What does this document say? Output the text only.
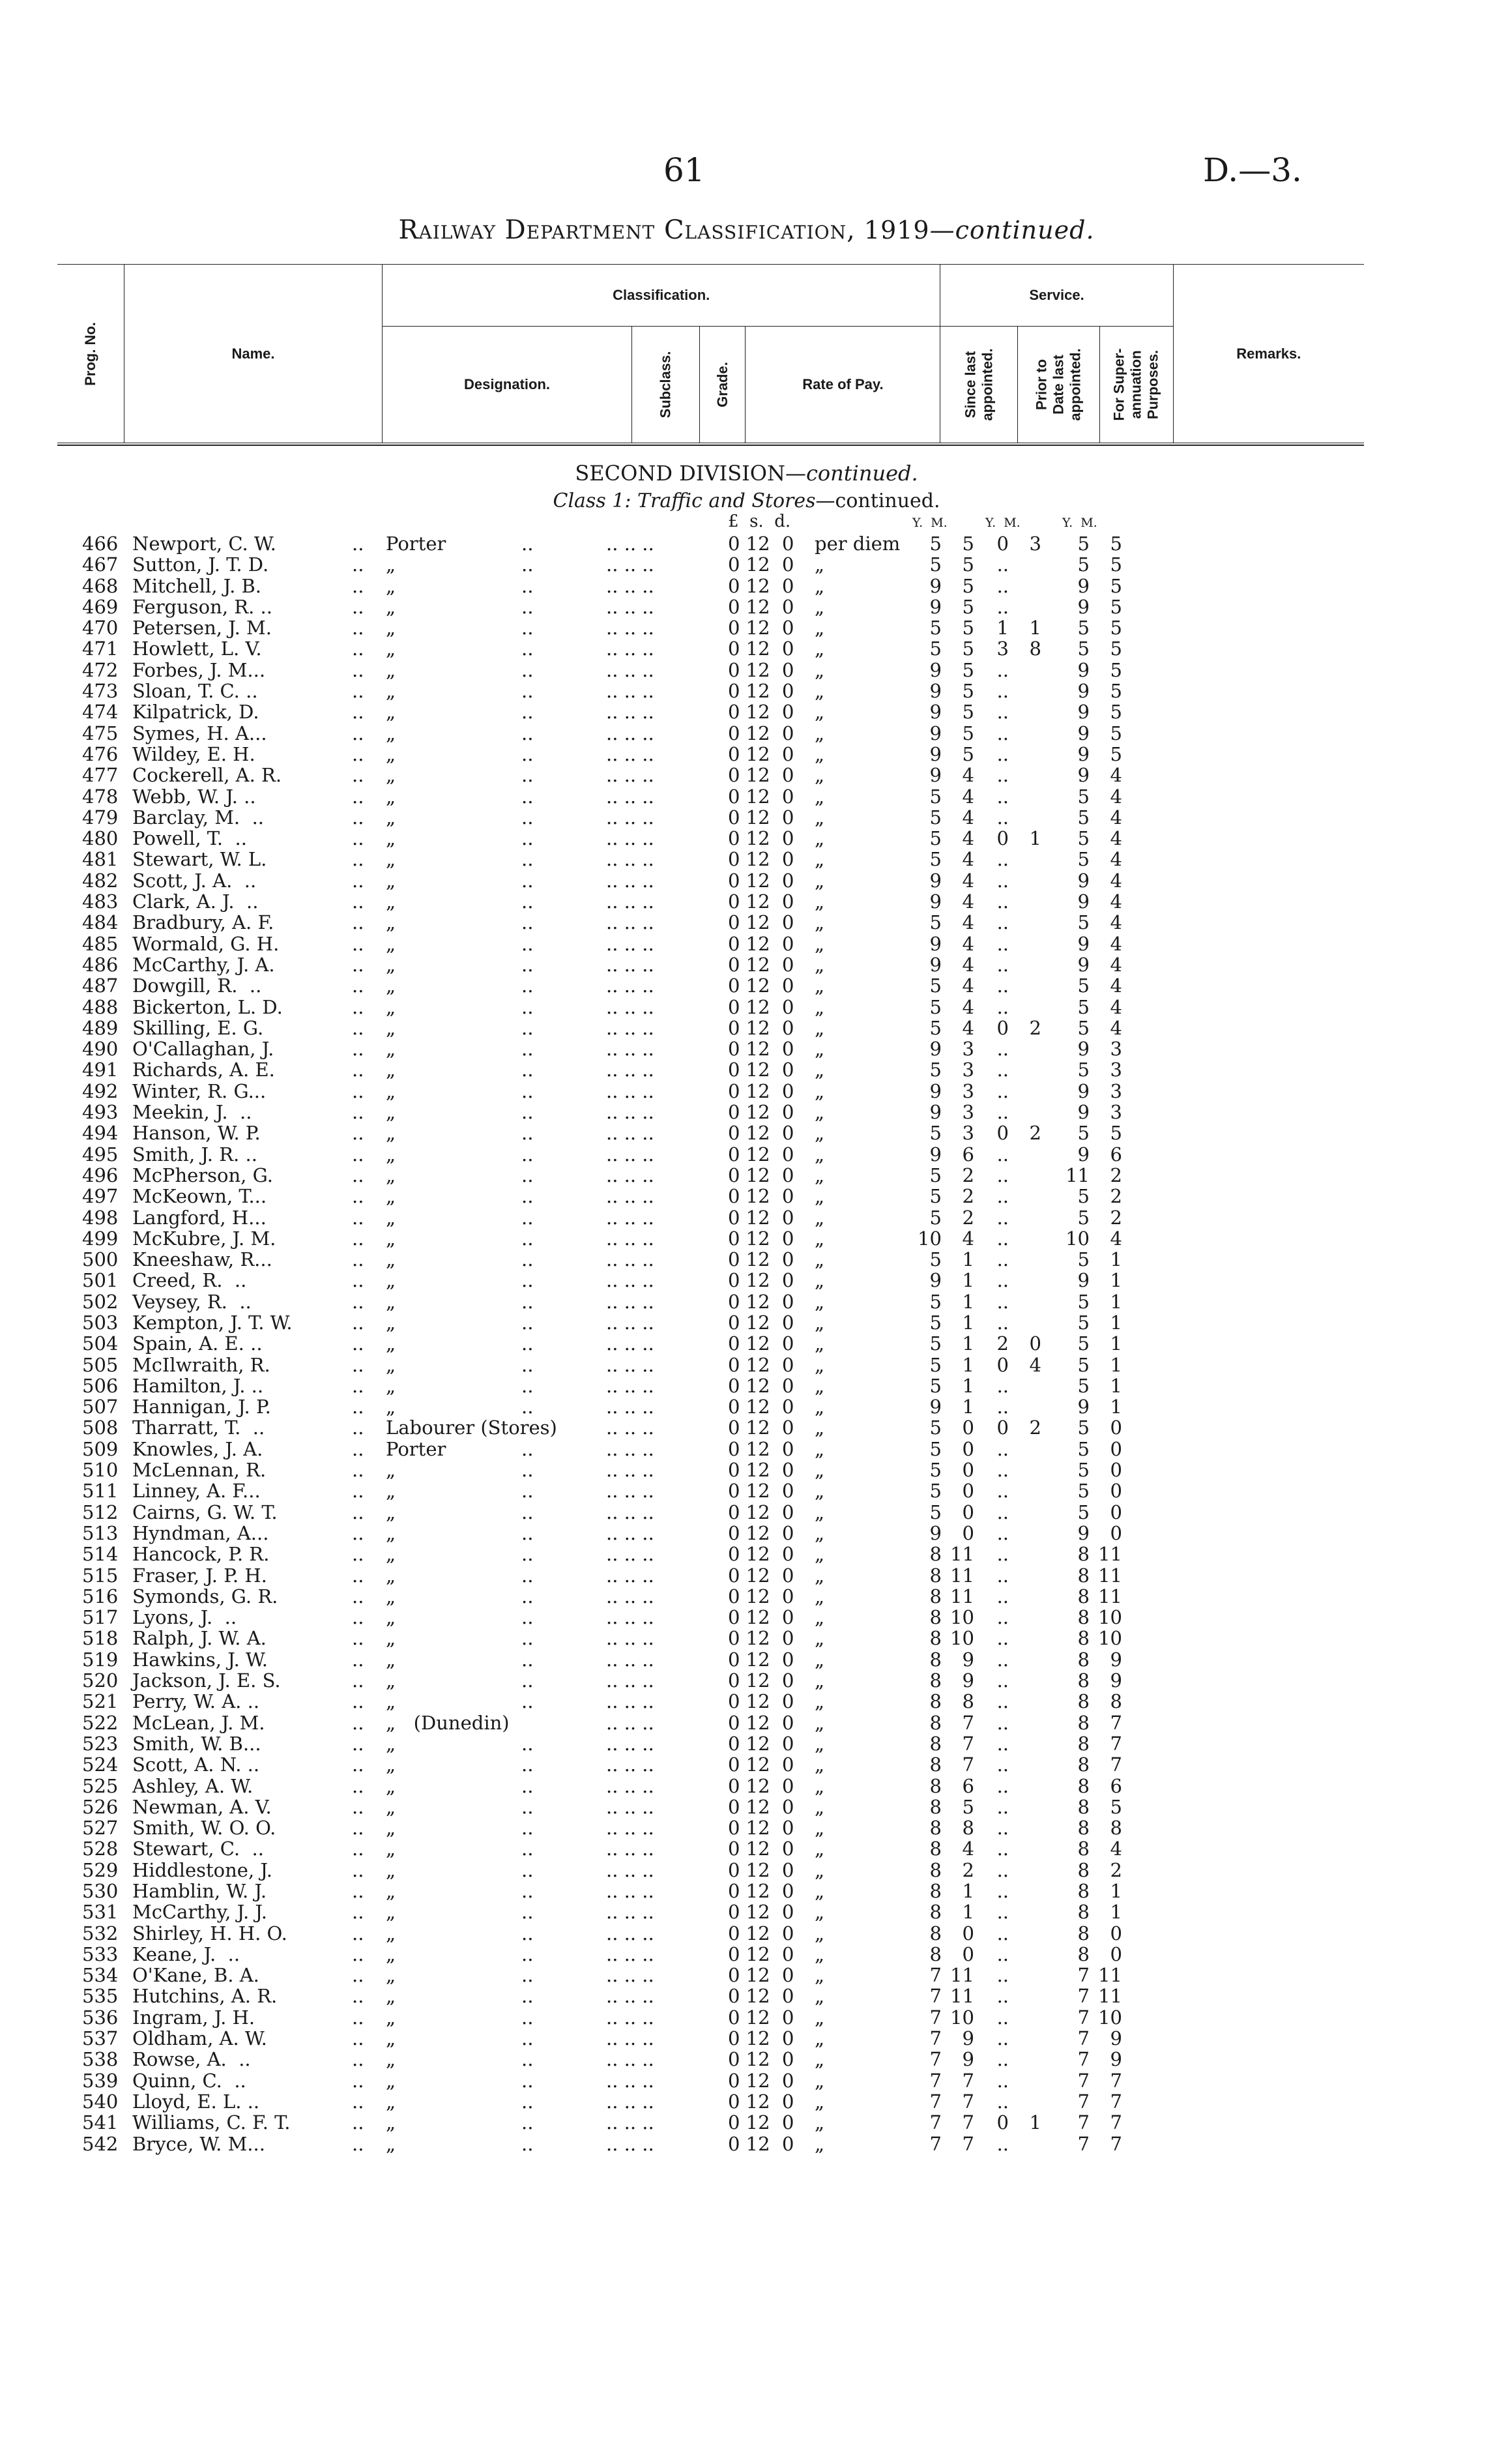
61	D.—3.
Railway Department Classification, 1919—continued.
Prog. No.	Name.	Classification.				Service.			Remarks.
		Designation.	Subclass.	Grade.	Rate of Pay.	Since last
appointed.	Prior to
Date last
appointed.	For Super-
annuation
Purposes.	
SECOND DIVISION—continued.
Class 1: Traffic and Stores—continued.
£  s.  d.	Y.  M.	Y.  M.	Y.  M.
466 Newport, C. W.	.. Porter	..	.. .. ..	0 12  0 per diem	5	5	0	3	5	5
467 Sutton, J. T. D.	.. „	..	.. .. ..	0 12  0 „	5	5	..	5	5
468 Mitchell, J. B.	.. „	..	.. .. ..	0 12  0 „	9	5	..	9	5
469 Ferguson, R. ..	.. „	..	.. .. ..	0 12  0 „	9	5	..	9	5
470 Petersen, J. M.	.. „	..	.. .. ..	0 12  0 „	5	5	1	1	5	5
471 Howlett, L. V.	.. „	..	.. .. ..	0 12  0 „	5	5	3	8	5	5
472 Forbes, J. M...	.. „	..	.. .. ..	0 12  0 „	9	5	..	9	5
473 Sloan, T. C. ..	.. „	..	.. .. ..	0 12  0 „	9	5	..	9	5
474 Kilpatrick, D.	.. „	..	.. .. ..	0 12  0 „	9	5	..	9	5
475 Symes, H. A...	.. „	..	.. .. ..	0 12  0 „	9	5	..	9	5
476 Wildey, E. H.	.. „	..	.. .. ..	0 12  0 „	9	5	..	9	5
477 Cockerell, A. R.	.. „	..	.. .. ..	0 12  0 „	9	4	..	9	4
478 Webb, W. J. ..	.. „	..	.. .. ..	0 12  0 „	5	4	..	5	4
479 Barclay, M.  ..	.. „	..	.. .. ..	0 12  0 „	5	4	..	5	4
480 Powell, T.  ..	.. „	..	.. .. ..	0 12  0 „	5	4	0	1	5	4
481 Stewart, W. L.	.. „	..	.. .. ..	0 12  0 „	5	4	..	5	4
482 Scott, J. A.  ..	.. „	..	.. .. ..	0 12  0 „	9	4	..	9	4
483 Clark, A. J.  ..	.. „	..	.. .. ..	0 12  0 „	9	4	..	9	4
484 Bradbury, A. F.	.. „	..	.. .. ..	0 12  0 „	5	4	..	5	4
485 Wormald, G. H.	.. „	..	.. .. ..	0 12  0 „	9	4	..	9	4
486 McCarthy, J. A.	.. „	..	.. .. ..	0 12  0 „	9	4	..	9	4
487 Dowgill, R.  ..	.. „	..	.. .. ..	0 12  0 „	5	4	..	5	4
488 Bickerton, L. D.	.. „	..	.. .. ..	0 12  0 „	5	4	..	5	4
489 Skilling, E. G.	.. „	..	.. .. ..	0 12  0 „	5	4	0	2	5	4
490 O'Callaghan, J.	.. „	..	.. .. ..	0 12  0 „	9	3	..	9	3
491 Richards, A. E.	.. „	..	.. .. ..	0 12  0 „	5	3	..	5	3
492 Winter, R. G...	.. „	..	.. .. ..	0 12  0 „	9	3	..	9	3
493 Meekin, J.  ..	.. „	..	.. .. ..	0 12  0 „	9	3	..	9	3
494 Hanson, W. P.	.. „	..	.. .. ..	0 12  0 „	5	3	0	2	5	5
495 Smith, J. R. ..	.. „	..	.. .. ..	0 12  0 „	9	6	..	9	6
496 McPherson, G.	.. „	..	.. .. ..	0 12  0 „	5	2	..	11	2
497 McKeown, T...	.. „	..	.. .. ..	0 12  0 „	5	2	..	5	2
498 Langford, H...	.. „	..	.. .. ..	0 12  0 „	5	2	..	5	2
499 McKubre, J. M.	.. „	..	.. .. ..	0 12  0 „	10	4	..	10	4
500 Kneeshaw, R...	.. „	..	.. .. ..	0 12  0 „	5	1	..	5	1
501 Creed, R.  ..	.. „	..	.. .. ..	0 12  0 „	9	1	..	9	1
502 Veysey, R.  ..	.. „	..	.. .. ..	0 12  0 „	5	1	..	5	1
503 Kempton, J. T. W.	.. „	..	.. .. ..	0 12  0 „	5	1	..	5	1
504 Spain, A. E. ..	.. „	..	.. .. ..	0 12  0 „	5	1	2	0	5	1
505 McIlwraith, R.	.. „	..	.. .. ..	0 12  0 „	5	1	0	4	5	1
506 Hamilton, J. ..	.. „	..	.. .. ..	0 12  0 „	5	1	..	5	1
507 Hannigan, J. P.	.. „	..	.. .. ..	0 12  0 „	9	1	..	9	1
508 Tharratt, T.  ..	.. Labourer (Stores)	.. .. ..	0 12  0 „	5	0	0	2	5	0
509 Knowles, J. A.	.. Porter	..	.. .. ..	0 12  0 „	5	0	..	5	0
510 McLennan, R.	.. „	..	.. .. ..	0 12  0 „	5	0	..	5	0
511 Linney, A. F...	.. „	..	.. .. ..	0 12  0 „	5	0	..	5	0
512 Cairns, G. W. T.	.. „	..	.. .. ..	0 12  0 „	5	0	..	5	0
513 Hyndman, A...	.. „	..	.. .. ..	0 12  0 „	9	0	..	9	0
514 Hancock, P. R.	.. „	..	.. .. ..	0 12  0 „	8 11	..	8 11
515 Fraser, J. P. H.	.. „	..	.. .. ..	0 12  0 „	8 11	..	8 11
516 Symonds, G. R.	.. „	..	.. .. ..	0 12  0 „	8 11	..	8 11
517 Lyons, J.  ..	.. „	..	.. .. ..	0 12  0 „	8 10	..	8 10
518 Ralph, J. W. A.	.. „	..	.. .. ..	0 12  0 „	8 10	..	8 10
519 Hawkins, J. W.	.. „	..	.. .. ..	0 12  0 „	8	9	..	8	9
520 Jackson, J. E. S.	.. „	..	.. .. ..	0 12  0 „	8	9	..	8	9
521 Perry, W. A. ..	.. „	..	.. .. ..	0 12  0 „	8	8	..	8	8
522 McLean, J. M.	.. „   (Dunedin)	.. .. ..	0 12  0 „	8	7	..	8	7
523 Smith, W. B...	.. „	..	.. .. ..	0 12  0 „	8	7	..	8	7
524 Scott, A. N. ..	.. „	..	.. .. ..	0 12  0 „	8	7	..	8	7
525 Ashley, A. W.	.. „	..	.. .. ..	0 12  0 „	8	6	..	8	6
526 Newman, A. V.	.. „	..	.. .. ..	0 12  0 „	8	5	..	8	5
527 Smith, W. O. O.	.. „	..	.. .. ..	0 12  0 „	8	8	..	8	8
528 Stewart, C.  ..	.. „	..	.. .. ..	0 12  0 „	8	4	..	8	4
529 Hiddlestone, J.	.. „	..	.. .. ..	0 12  0 „	8	2	..	8	2
530 Hamblin, W. J.	.. „	..	.. .. ..	0 12  0 „	8	1	..	8	1
531 McCarthy, J. J.	.. „	..	.. .. ..	0 12  0 „	8	1	..	8	1
532 Shirley, H. H. O.	.. „	..	.. .. ..	0 12  0 „	8	0	..	8	0
533 Keane, J.  ..	.. „	..	.. .. ..	0 12  0 „	8	0	..	8	0
534 O'Kane, B. A.	.. „	..	.. .. ..	0 12  0 „	7 11	..	7 11
535 Hutchins, A. R.	.. „	..	.. .. ..	0 12  0 „	7 11	..	7 11
536 Ingram, J. H.	.. „	..	.. .. ..	0 12  0 „	7 10	..	7 10
537 Oldham, A. W.	.. „	..	.. .. ..	0 12  0 „	7	9	..	7	9
538 Rowse, A.  ..	.. „	..	.. .. ..	0 12  0 „	7	9	..	7	9
539 Quinn, C.  ..	.. „	..	.. .. ..	0 12  0 „	7	7	..	7	7
540 Lloyd, E. L. ..	.. „	..	.. .. ..	0 12  0 „	7	7	..	7	7
541 Williams, C. F. T.	.. „	..	.. .. ..	0 12  0 „	7	7	0	1	7	7
542 Bryce, W. M...	.. „	..	.. .. ..	0 12  0 „	7	7	..	7	7
